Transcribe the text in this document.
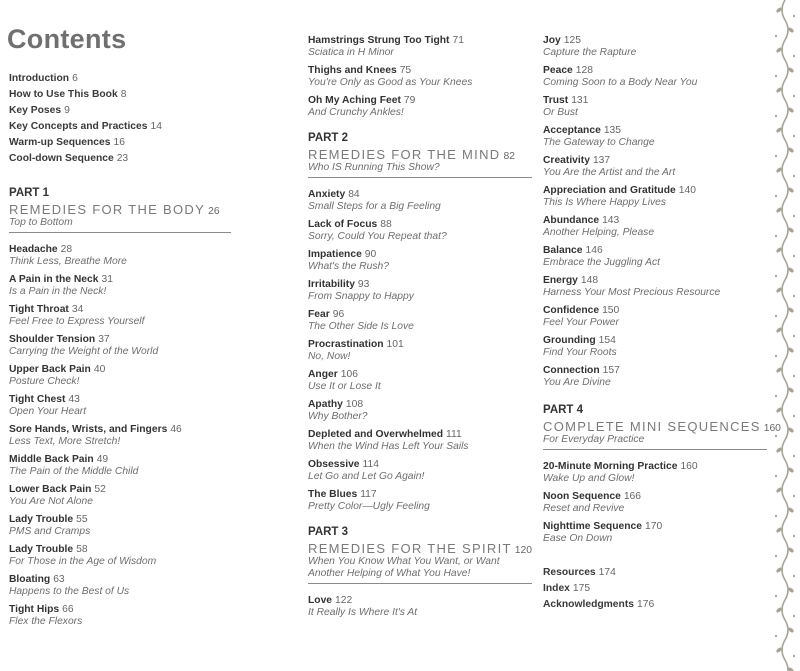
Contents
Introduction 6
How to Use This Book 8
Key Poses 9
Key Concepts and Practices 14
Warm-up Sequences 16
Cool-down Sequence 23
PART 1
REMEDIES FOR THE BODY 26
Top to Bottom
Headache 28
Think Less, Breathe More
A Pain in the Neck 31
Is a Pain in the Neck!
Tight Throat 34
Feel Free to Express Yourself
Shoulder Tension 37
Carrying the Weight of the World
Upper Back Pain 40
Posture Check!
Tight Chest 43
Open Your Heart
Sore Hands, Wrists, and Fingers 46
Less Text, More Stretch!
Middle Back Pain 49
The Pain of the Middle Child
Lower Back Pain 52
You Are Not Alone
Lady Trouble 55
PMS and Cramps
Lady Trouble 58
For Those in the Age of Wisdom
Bloating 63
Happens to the Best of Us
Tight Hips 66
Flex the Flexors
Hamstrings Strung Too Tight 71
Sciatica in H Minor
Thighs and Knees 75
You're Only as Good as Your Knees
Oh My Aching Feet 79
And Crunchy Ankles!
PART 2
REMEDIES FOR THE MIND 82
Who IS Running This Show?
Anxiety 84
Small Steps for a Big Feeling
Lack of Focus 88
Sorry, Could You Repeat that?
Impatience 90
What's the Rush?
Irritability 93
From Snappy to Happy
Fear 96
The Other Side Is Love
Procrastination 101
No, Now!
Anger 106
Use It or Lose It
Apathy 108
Why Bother?
Depleted and Overwhelmed 111
When the Wind Has Left Your Sails
Obsessive 114
Let Go and Let Go Again!
The Blues 117
Pretty Color—Ugly Feeling
PART 3
REMEDIES FOR THE SPIRIT 120
When You Know What You Want, or Want
Another Helping of What You Have!
Love 122
It Really Is Where It's At
Joy 125
Capture the Rapture
Peace 128
Coming Soon to a Body Near You
Trust 131
Or Bust
Acceptance 135
The Gateway to Change
Creativity 137
You Are the Artist and the Art
Appreciation and Gratitude 140
This Is Where Happy Lives
Abundance 143
Another Helping, Please
Balance 146
Embrace the Juggling Act
Energy 148
Harness Your Most Precious Resource
Confidence 150
Feel Your Power
Grounding 154
Find Your Roots
Connection 157
You Are Divine
PART 4
COMPLETE MINI SEQUENCES 160
For Everyday Practice
20-Minute Morning Practice 160
Wake Up and Glow!
Noon Sequence 166
Reset and Revive
Nighttime Sequence 170
Ease On Down
Resources 174
Index 175
Acknowledgments 176
